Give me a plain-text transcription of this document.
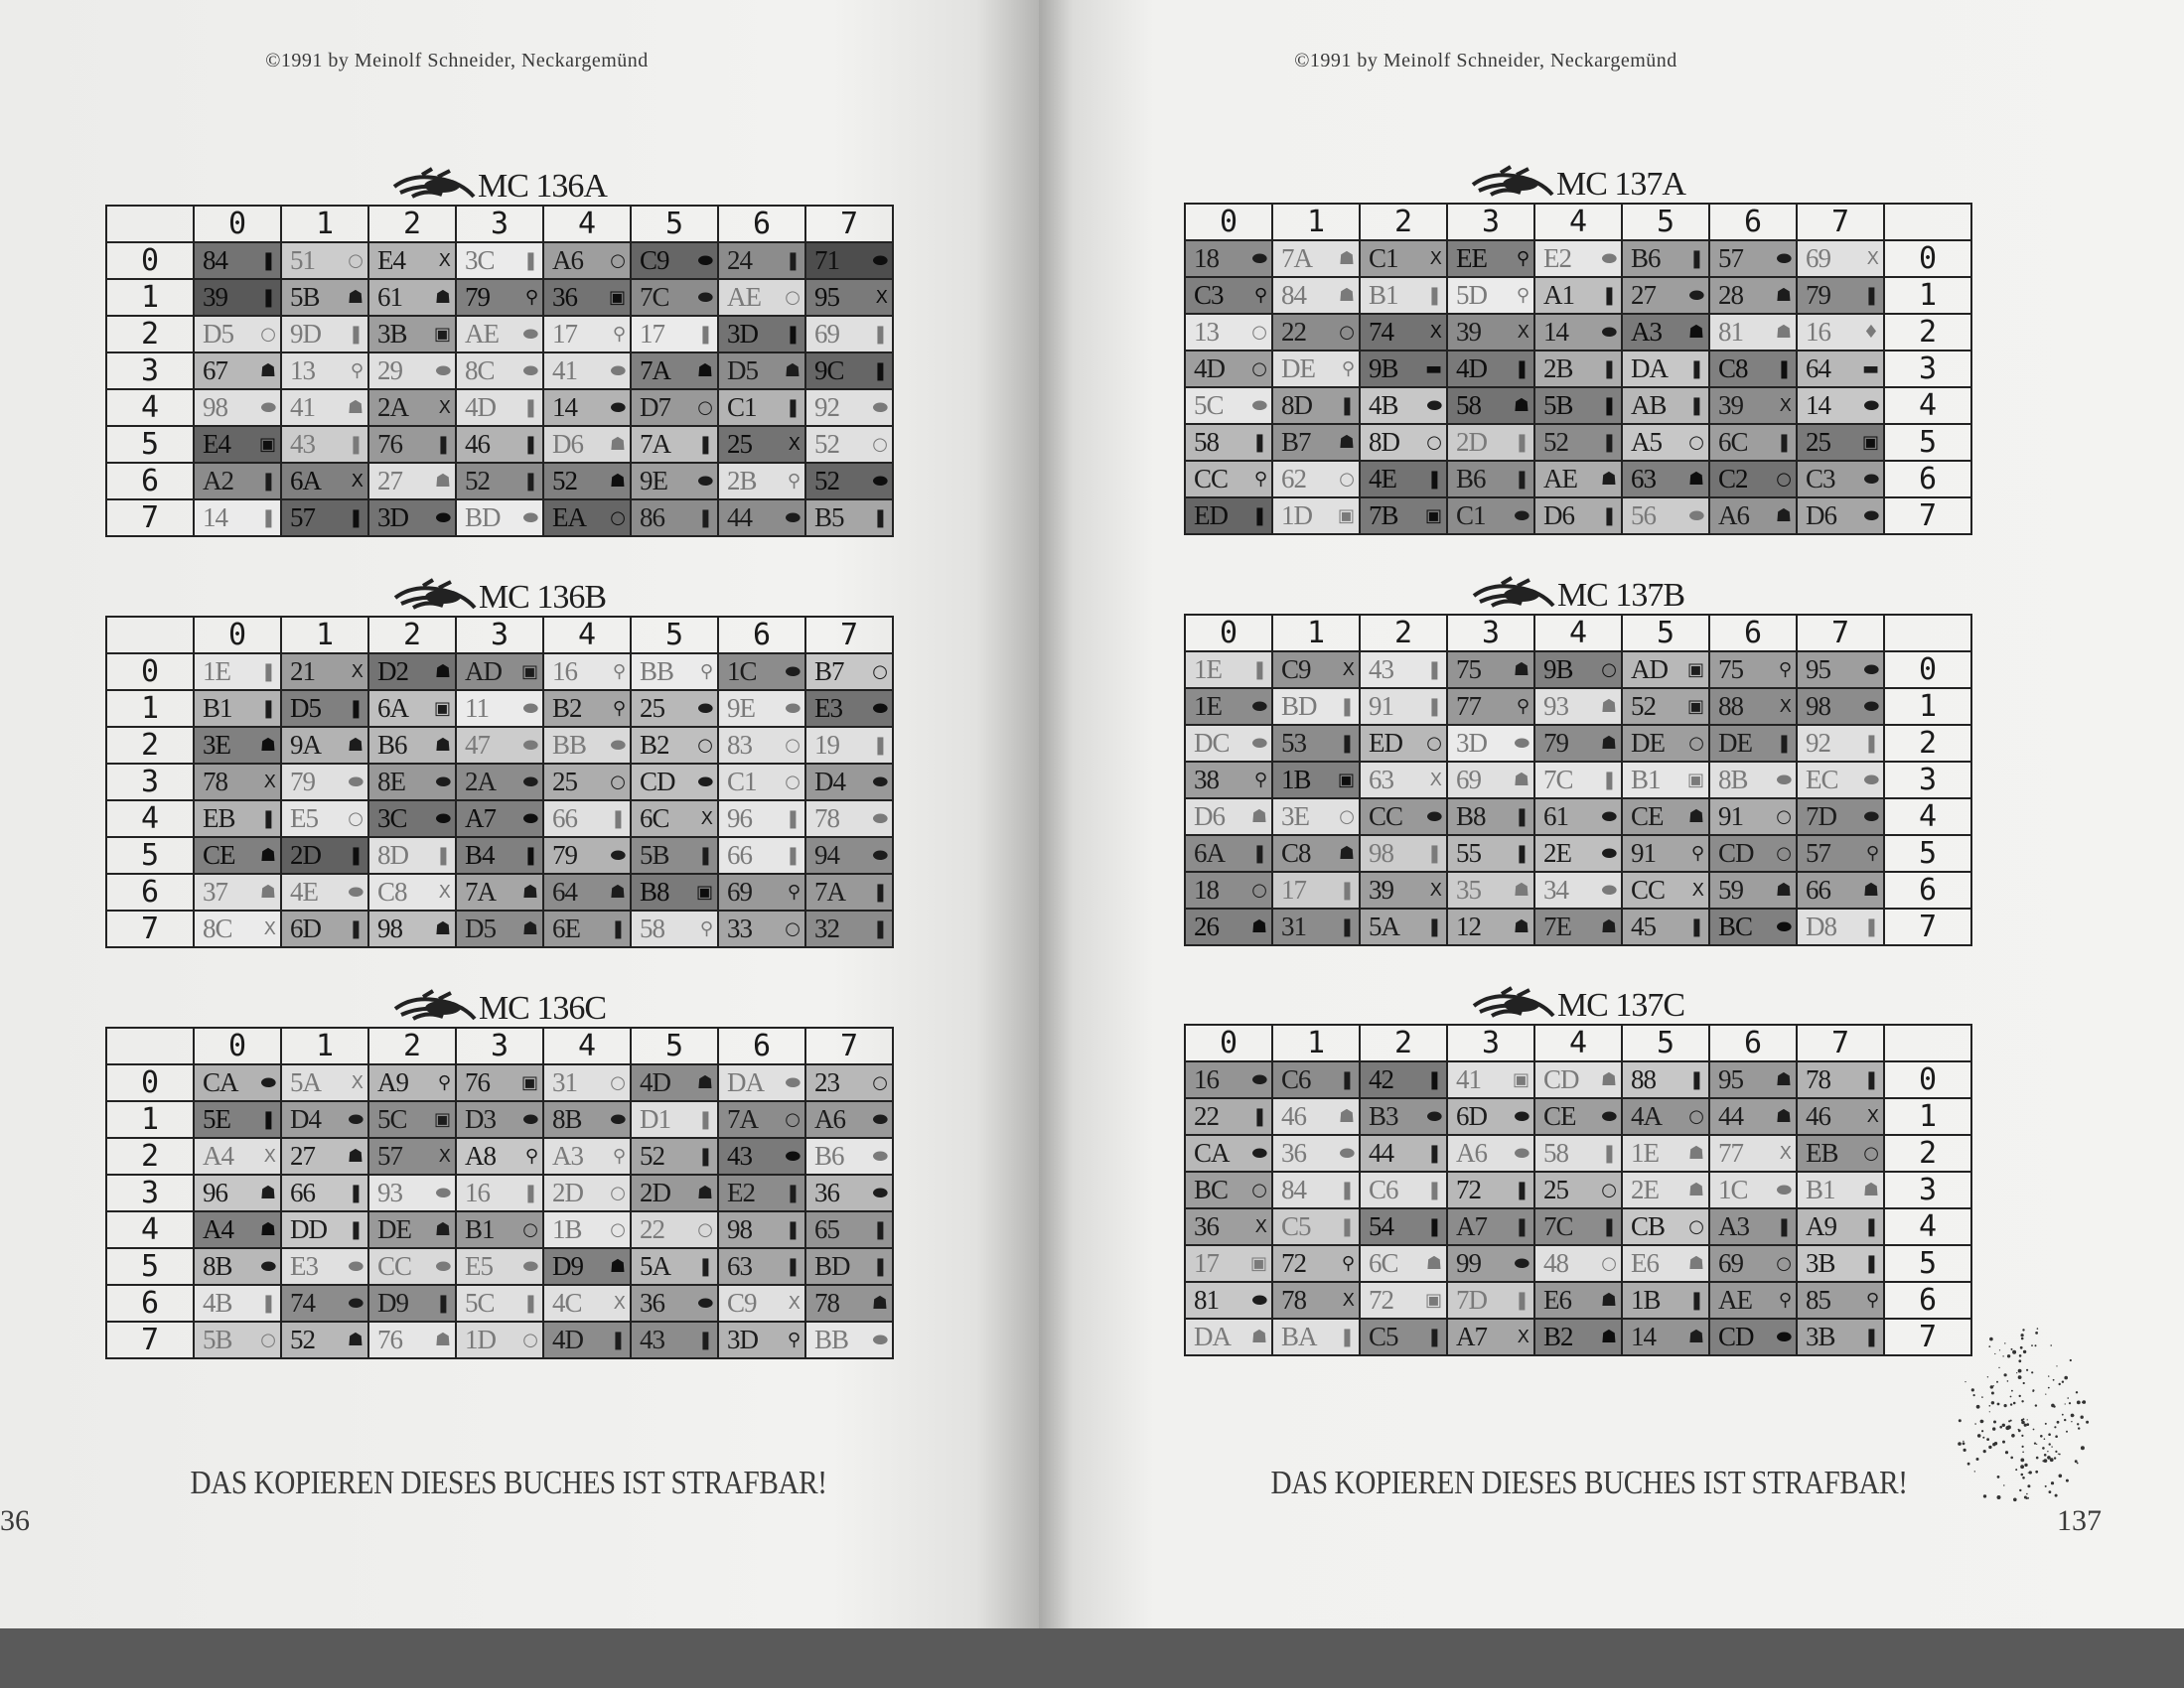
©1991 by Meinolf Schneider, Neckargemünd
MC 136A
	0	1	2	3	4	5	6	7
0	84 ❚	51 ○	E4 X	3C ❚	A6 ○	C9 ⬬	24 ❚	71 ⬬

1	39 ❚	5B ☗	61 ☗	79 ⚲	36 ▣	7C ⬬	AE ○	95 X

2	D5 ○	9D ❚	3B ▣	AE ⬬	17 ⚲	17 ❚	3D ❚	69 ❚

3	67 ☗	13 ⚲	29 ⬬	8C ⬬	41 ⬬	7A ☗	D5 ☗	9C ❚

4	98 ⬬	41 ☗	2A X	4D ❚	14 ⬬	D7 ○	C1 ❚	92 ⬬

5	E4 ▣	43 ❚	76 ❚	46 ❚	D6 ☗	7A ❚	25 X	52 ○

6	A2 ❚	6A X	27 ☗	52 ❚	52 ☗	9E ⬬	2B ⚲	52 ⬬

7	14 ❚	57 ❚	3D ⬬	BD ⬬	EA ○	86 ❚	44 ⬬	B5 ❚
MC 136B
	0	1	2	3	4	5	6	7
0	1E ❚	21 X	D2 ☗	AD ▣	16 ⚲	BB ⚲	1C ⬬	B7 ○

1	B1 ❚	D5 ❚	6A ▣	11 ⬬	B2 ⚲	25 ⬬	9E ⬬	E3 ⬬

2	3E ☗	9A ☗	B6 ☗	47 ⬬	BB ⬬	B2 ○	83 ○	19 ❚

3	78 X	79 ⬬	8E ⬬	2A ⬬	25 ○	CD ⬬	C1 ○	D4 ⬬

4	EB ❚	E5 ○	3C ⬬	A7 ⬬	66 ❚	6C X	96 ❚	78 ⬬

5	CE ☗	2D ❚	8D ❚	B4 ❚	79 ⬬	5B ❚	66 ❚	94 ⬬

6	37 ☗	4E ⬬	C8 X	7A ☗	64 ☗	B8 ▣	69 ⚲	7A ❚

7	8C X	6D ❚	98 ☗	D5 ☗	6E ❚	58 ⚲	33 ○	32 ❚
MC 136C
	0	1	2	3	4	5	6	7
0	CA ⬬	5A X	A9 ⚲	76 ▣	31 ○	4D ☗	DA ⬬	23 ○

1	5E ❚	D4 ⬬	5C ▣	D3 ⬬	8B ⬬	D1 ❚	7A ○	A6 ⬬

2	A4 X	27 ☗	57 X	A8 ⚲	A3 ⚲	52 ❚	43 ⬬	B6 ⬬

3	96 ☗	66 ❚	93 ⬬	16 ❚	2D ○	2D ☗	E2 ❚	36 ⬬

4	A4 ☗	DD ❚	DE ☗	B1 ○	1B ○	22 ○	98 ❚	65 ❚

5	8B ⬬	E3 ⬬	CC ⬬	E5 ⬬	D9 ☗	5A ❚	63 ❚	BD ❚

6	4B ❚	74 ⬬	D9 ❚	5C ❚	4C X	36 ⬬	C9 X	78 ☗

7	5B ○	52 ☗	76 ☗	1D ○	4D ❚	43 ❚	3D ⚲	BB ⬬
DAS KOPIEREN DIESES BUCHES IST STRAFBAR!
36
©1991 by Meinolf Schneider, Neckargemünd
MC 137A
0	1	2	3	4	5	6	7	

18 ⬬	7A ☗	C1 X	EE ⚲	E2 ⬬	B6 ❚	57 ⬬	69 X	0

C3 ⚲	84 ☗	B1 ❚	5D ⚲	A1 ❚	27 ⬬	28 ☗	79 ❚	1

13 ○	22 ○	74 X	39 X	14 ⬬	A3 ☗	81 ☗	16 ♦	2

4D ○	DE ⚲	9B ▬	4D ❚	2B ❚	DA ❚	C8 ❚	64 ▬	3

5C ⬬	8D ❚	4B ⬬	58 ☗	5B ❚	AB ❚	39 X	14 ⬬	4

58 ❚	B7 ☗	8D ○	2D ❚	52 ❚	A5 ○	6C ❚	25 ▣	5

CC ⚲	62 ○	4E ❚	B6 ❚	AE ☗	63 ☗	C2 ○	C3 ⬬	6

ED ❚	1D ▣	7B ▣	C1 ⬬	D6 ❚	56 ⬬	A6 ☗	D6 ⬬	7
MC 137B
0	1	2	3	4	5	6	7	

1E ❚	C9 X	43 ❚	75 ☗	9B ○	AD ▣	75 ⚲	95 ⬬	0

1E ⬬	BD ❚	91 ❚	77 ⚲	93 ☗	52 ▣	88 X	98 ⬬	1

DC ⬬	53 ❚	ED ○	3D ⬬	79 ☗	DE ○	DE ❚	92 ❚	2

38 ⚲	1B ▣	63 X	69 ☗	7C ❚	B1 ▣	8B ⬬	EC ⬬	3

D6 ☗	3E ○	CC ⬬	B8 ❚	61 ⬬	CE ☗	91 ○	7D ⬬	4

6A ❚	C8 ☗	98 ❚	55 ❚	2E ⬬	91 ⚲	CD ○	57 ⚲	5

18 ○	17 ❚	39 X	35 ☗	34 ⬬	CC X	59 ☗	66 ☗	6

26 ☗	31 ❚	5A ❚	12 ☗	7E ☗	45 ❚	BC ⬬	D8 ❚	7
MC 137C
0	1	2	3	4	5	6	7	

16 ⬬	C6 ❚	42 ❚	41 ▣	CD ☗	88 ❚	95 ☗	78 ❚	0

22 ❚	46 ☗	B3 ⬬	6D ⬬	CE ⬬	4A ○	44 ☗	46 X	1

CA ⬬	36 ⬬	44 ❚	A6 ⬬	58 ❚	1E ☗	77 X	EB ○	2

BC ○	84 ❚	C6 ❚	72 ❚	25 ○	2E ☗	1C ⬬	B1 ☗	3

36 X	C5 ❚	54 ❚	A7 ❚	7C ❚	CB ○	A3 ❚	A9 ❚	4

17 ▣	72 ⚲	6C ☗	99 ⬬	48 ○	E6 ☗	69 ○	3B ❚	5

81 ⬬	78 X	72 ▣	7D ❚	E6 ☗	1B ❚	AE ⚲	85 ⚲	6

DA ☗	BA ❚	C5 ❚	A7 X	B2 ☗	14 ☗	CD ⬬	3B ❚	7
DAS KOPIEREN DIESES BUCHES IST STRAFBAR!
137
